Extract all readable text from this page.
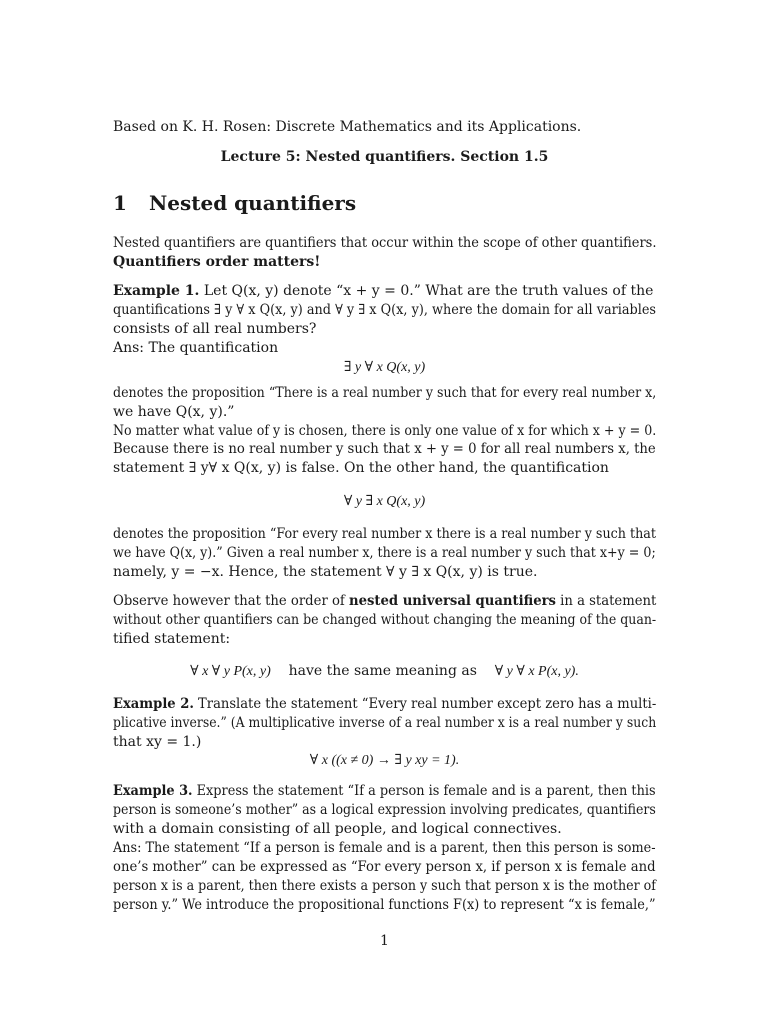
Based on K. H. Rosen: Discrete Mathematics and its Applications.
Lecture 5: Nested quantifiers. Section 1.5
1 Nested quantifiers
Nested quantifiers are quantifiers that occur within the scope of other quantifiers.
Quantifiers order matters!
Example 1. Let Q(x, y) denote “x + y = 0.” What are the truth values of the
quantifications ∃ y ∀ x Q(x, y) and ∀ y ∃ x Q(x, y), where the domain for all variables
consists of all real numbers?
Ans: The quantification
∃ y ∀ x Q(x, y)
denotes the proposition “There is a real number y such that for every real number x,
we have Q(x, y).”
No matter what value of y is chosen, there is only one value of x for which x + y = 0.
Because there is no real number y such that x + y = 0 for all real numbers x, the
statement ∃ y∀ x Q(x, y) is false. On the other hand, the quantification
∀ y ∃ x Q(x, y)
denotes the proposition “For every real number x there is a real number y such that
we have Q(x, y).” Given a real number x, there is a real number y such that x+y = 0;
namely, y = −x. Hence, the statement ∀ y ∃ x Q(x, y) is true.
Observe however that the order of nested universal quantifiers in a statement
without other quantifiers can be changed without changing the meaning of the quan-
tified statement:
∀ x ∀ y P(x, y) have the same meaning as ∀ y ∀ x P(x, y).
Example 2. Translate the statement “Every real number except zero has a multi-
plicative inverse.” (A multiplicative inverse of a real number x is a real number y such
that xy = 1.)
∀ x ((x ≠ 0) → ∃ y xy = 1).
Example 3. Express the statement “If a person is female and is a parent, then this
person is someone’s mother” as a logical expression involving predicates, quantifiers
with a domain consisting of all people, and logical connectives.
Ans: The statement “If a person is female and is a parent, then this person is some-
one’s mother” can be expressed as “For every person x, if person x is female and
person x is a parent, then there exists a person y such that person x is the mother of
person y.” We introduce the propositional functions F(x) to represent “x is female,”
1
